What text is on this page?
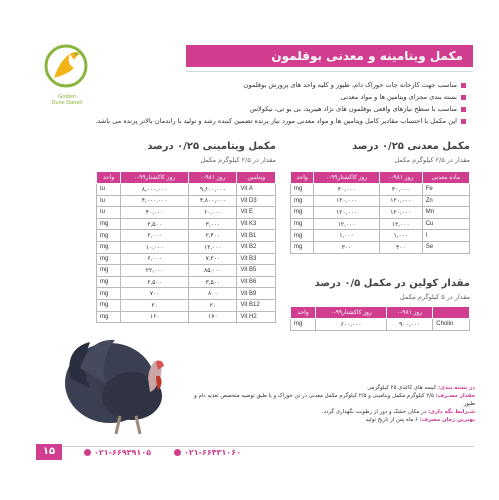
Golden
Dune Daneh
مکمل ویتامینه و معدنی بوقلمون
مناسب جهت کارخانه جات خوراک دام، طیور و کلیه واحد های پرورش بوقلمون
بسته بندی مجزای ویتامین ها و مواد معدنی
مناسب با سطح نیازهای واقعی بوقلمون های نژاد هیبرید، بی یو تی، نیکولاس
این مکمل با احتساب مقادیر کامل ویتامین ها و مواد معدنی مورد نیاز پرنده تضمین کننده رشد و تولید با راندمان بالاتر پرنده می باشد.
مکمل معدنی ۰/۲۵ درصد
مقدار در ۲/۵ کیلوگرم مکمل
واحد	۰-۹۹روز کاکشتار	۰-۹۸۱ روز	ماده معدنی
mg	۴۰,۰۰۰	۴۰,۰۰۰	Fe
mg	۱۲۰,۰۰۰	۱۲۰,۰۰۰	Zn
mg	۱۲۰,۰۰۰	۱۲۰,۰۰۰	Mn
mg	۱۲,۰۰۰	۱۲,۰۰۰	Cu
mg	۱,۰۰۰	۱,۰۰۰	I
mg	۳۰۰	۳۰۰	Se
مقدار کولین در مکمل ۰/۵ درصد
مقدار در ۵ کیلوگرم مکمل
واحد	۰-۹۹روز کاکشتار	۰-۹۸۱ روز	
mg	۶۰۰,۰۰۰	۹۰۰,۰۰۰	Cholin
مکمل ویتامینی ۰/۲۵ درصد
مقدار در ۲/۵ کیلوگرم مکمل
واحد	۰-۹۹روز کاکشتار	۰-۹۸۱ روز	ویتامین
Iu	۸,۰۰۰,۰۰۰	۹,۶۰۰,۰۰۰	Vit A
Iu	۴,۰۰۰,۰۰۰	۴,۸۰۰,۰۰۰	Vit D3
Iu	۴۰,۰۰۰	۶۰,۰۰۰	Vit E
mg	۲,۵۰۰	۳,۰۰۰	Vit K3
mg	۲,۰۰۰	۲,۴۰۰	Vit B1
mg	۱۰,۰۰۰	۱۲,۰۰۰	Vit B2
mg	۶,۰۰۰	۷,۲۰۰	Vit B3
mg	۲۲,۰۰۰	۸۵,۰۰۰	Vit B5
mg	۲,۵۰۰	۳,۵۰۰	Vit B6
mg	۷۰۰	۸۰۰	Vit B9
mg	۲۰	۲۰	Vit B12
mg	۱۶۰	۱۷۰	Vit H2
در بسته بندی: کیسه های کاغذی ۲۵ کیلوگرمی
مقدار مصـرف: ۲/۵ کیلوگرم مکمل ویتامینی و ۲/۵ کیلوگرم مکمل معدنی در تن خوراک و یا طبق توصیه متخصص تغذیه دام و طیور
شـرایط نگه داری: در مکان خشک و دور از رطوبت نگهداری گردد.
بهترین زمان مصرف: ۶ ماه پس از تاریخ تولید
۱۵	۰۲۱-۶۶۹۳۹۱۰۵	۰۲۱-۶۶۴۳۱۰۶۰
